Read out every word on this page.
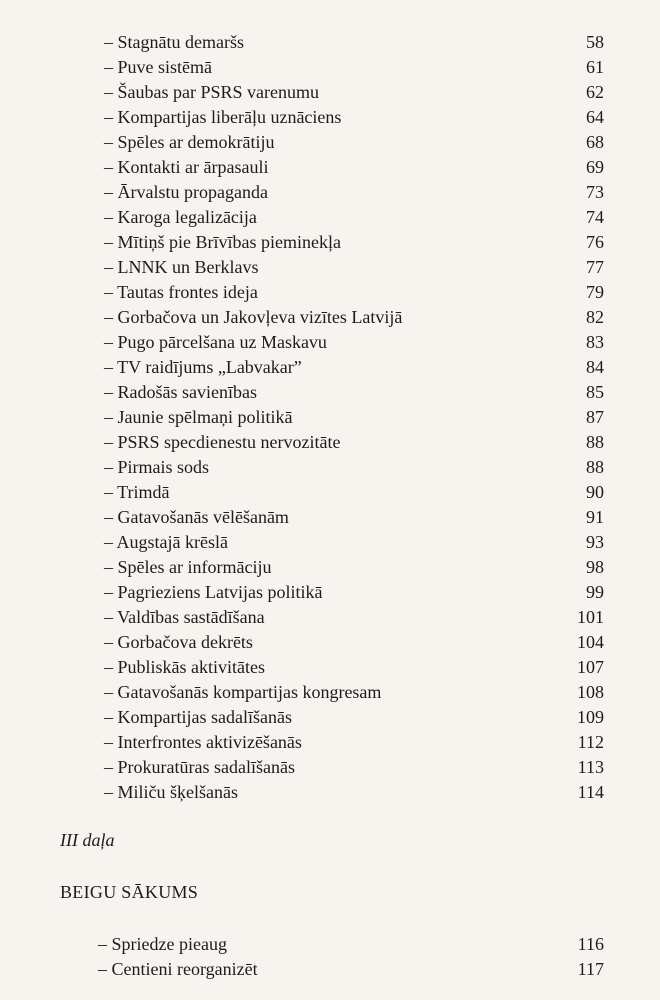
– Stagnātu demaršs	58
– Puve sistēmā	61
– Šaubas par PSRS varenumu	62
– Kompartijas liberāļu uznāciens	64
– Spēles ar demokrātiju	68
– Kontakti ar ārpasauli	69
– Ārvalstu propaganda	73
– Karoga legalizācija	74
– Mītiņš pie Brīvības pieminekļa	76
– LNNK un Berklavs	77
– Tautas frontes ideja	79
– Gorbačova un Jakovļeva vizītes Latvijā	82
– Pugo pārcelšana uz Maskavu	83
– TV raidījums „Labvakar”	84
– Radošās savienības	85
– Jaunie spēlmaņi politikā	87
– PSRS specdienestu nervozitāte	88
– Pirmais sods	88
– Trimdā	90
– Gatavošanās vēlēšanām	91
– Augstajā krēslā	93
– Spēles ar informāciju	98
– Pagrieziens Latvijas politikā	99
– Valdības sastādīšana	101
– Gorbačova dekrēts	104
– Publiskās aktivitātes	107
– Gatavošanās kompartijas kongresam	108
– Kompartijas sadalīšanās	109
– Interfrontes aktivizēšanās	112
– Prokuratūras sadalīšanās	113
– Miliču šķelšanās	114
III daļa
BEIGU SĀKUMS
– Spriedze pieaug	116
– Centieni reorganizēt	117
